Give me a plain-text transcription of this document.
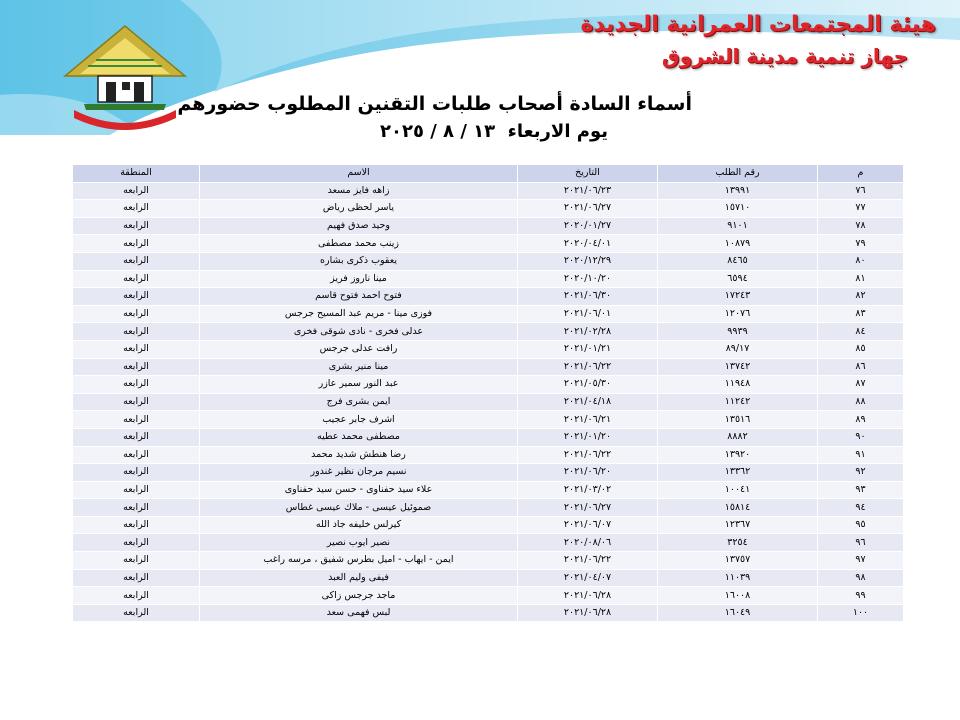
هيئة المجتمعات العمرانية الجديدة
جهاز تنمية مدينة الشروق
أسماء السادة أصحاب طلبات التقنين المطلوب حضورهم
يوم الاربعاء  ١٣ / ٨ / ٢٠٢٥
م	رقم الطلب	التاريخ	الاسم	المنطقة
٧٦	١٣٩٩١	٢٠٢١/٠٦/٢٣	زاهه فايز مسعد	الرابعه
٧٧	١٥٧١٠	٢٠٢١/٠٦/٢٧	ياسر لحظى رياض	الرابعه
٧٨	٩١٠١	٢٠٢٠/٠١/٢٧	وحيد صدق فهيم	الرابعه
٧٩	١٠٨٧٩	٢٠٢٠/٠٤/٠١	زينب محمد مصطفى	الرابعه
٨٠	٨٤٦٥	٢٠٢٠/١٢/٢٩	يعقوب ذكرى بشاره	الرابعه
٨١	٦٥٩٤	٢٠٢٠/١٠/٢٠	مينا ناروز فريز	الرابعه
٨٢	١٧٢٤٣	٢٠٢١/٠٦/٣٠	فتوح احمد فتوح قاسم	الرابعه
٨٣	١٢٠٧٦	٢٠٢١/٠٦/٠١	فوزى مينا - مريم عبد المسيح جرجس	الرابعه
٨٤	٩٩٣٩	٢٠٢١/٠٢/٢٨	عدلى فخرى - نادى شوقى فخرى	الرابعه
٨٥	٨٩/١٧	٢٠٢١/٠١/٢١	رافت عدلى جرجس	الرابعه
٨٦	١٣٧٤٢	٢٠٢١/٠٦/٢٢	مينا منير بشرى	الرابعه
٨٧	١١٩٤٨	٢٠٢١/٠٥/٣٠	عبد النور سمير عازر	الرابعه
٨٨	١١٢٤٢	٢٠٢١/٠٤/١٨	ايمن بشرى فرج	الرابعه
٨٩	١٣٥١٦	٢٠٢١/٠٦/٢١	اشرف جابر عجيب	الرابعه
٩٠	٨٨٨٢	٢٠٢١/٠١/٢٠	مصطفى محمد عطيه	الرابعه
٩١	١٣٩٢٠	٢٠٢١/٠٦/٢٢	رضا هنطش شديد محمد	الرابعه
٩٢	١٣٣٦٢	٢٠٢١/٠٦/٢٠	نسيم مرجان نظير غندور	الرابعه
٩٣	١٠٠٤١	٢٠٢١/٠٣/٠٢	علاء سيد حفناوى - حسن سيد حفناوى	الرابعه
٩٤	١٥٨١٤	٢٠٢١/٠٦/٢٧	صموئيل عيسى - ملاك عيسى غطاس	الرابعه
٩٥	١٢٣٦٧	٢٠٢١/٠٦/٠٧	كيرلس خليفه جاد الله	الرابعه
٩٦	٣٢٥٤	٢٠٢٠/٠٨/٠٦	نصير ايوب نصير	الرابعه
٩٧	١٣٧٥٧	٢٠٢١/٠٦/٢٢	ايمن - ايهاب - اميل بطرس شفيق ، مرسه راغب	الرابعه
٩٨	١١٠٣٩	٢٠٢١/٠٤/٠٧	فيفى وليم العبد	الرابعه
٩٩	١٦٠٠٨	٢٠٢١/٠٦/٢٨	ماجد جرجس زاكى	الرابعه
١٠٠	١٦٠٤٩	٢٠٢١/٠٦/٢٨	لبس فهمى سعد	الرابعه
